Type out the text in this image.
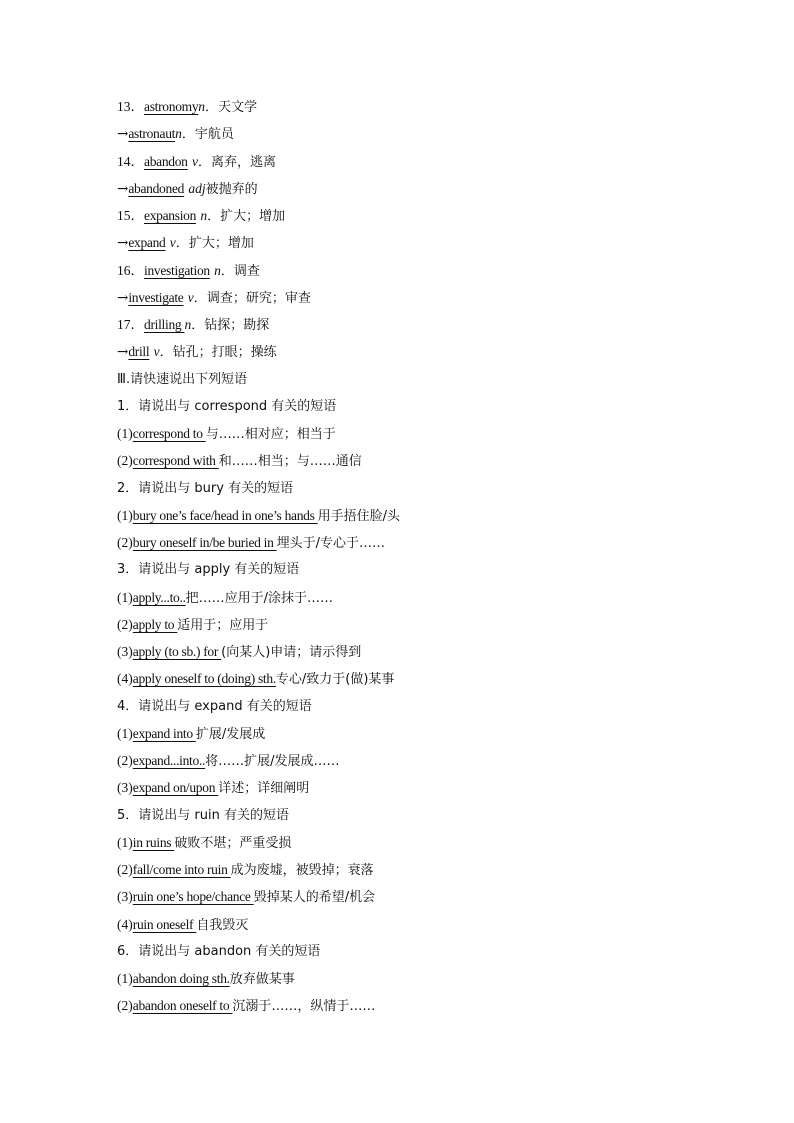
13．astronomyn．天文学
→astronautn．宇航员
14．abandon v．离弃，逃离
→abandoned adj被抛弃的
15．expansion n．扩大；增加
→expand v．扩大；增加
16．investigation n．调查
→investigate v．调查；研究；审查
17．drilling n．钻探；勘探
→drill v．钻孔；打眼；操练
Ⅲ.请快速说出下列短语
1．请说出与 correspond 有关的短语
(1)correspond to 与……相对应；相当于
(2)correspond with 和……相当；与……通信
2．请说出与 bury 有关的短语
(1)bury one’s face/head in one’s hands 用手捂住脸/头
(2)bury oneself in/be buried in 埋头于/专心于……
3．请说出与 apply 有关的短语
(1)apply...to..把……应用于/涂抹于……
(2)apply to 适用于；应用于
(3)apply (to sb.) for (向某人)申请；请示得到
(4)apply oneself to (doing) sth.专心/致力于(做)某事
4．请说出与 expand 有关的短语
(1)expand into 扩展/发展成
(2)expand...into..将……扩展/发展成……
(3)expand on/upon 详述；详细阐明
5．请说出与 ruin 有关的短语
(1)in ruins 破败不堪；严重受损
(2)fall/come into ruin 成为废墟，被毁掉；衰落
(3)ruin one’s hope/chance 毁掉某人的希望/机会
(4)ruin oneself 自我毁灭
6．请说出与 abandon 有关的短语
(1)abandon doing sth.放弃做某事
(2)abandon oneself to 沉溺于……，纵情于……
